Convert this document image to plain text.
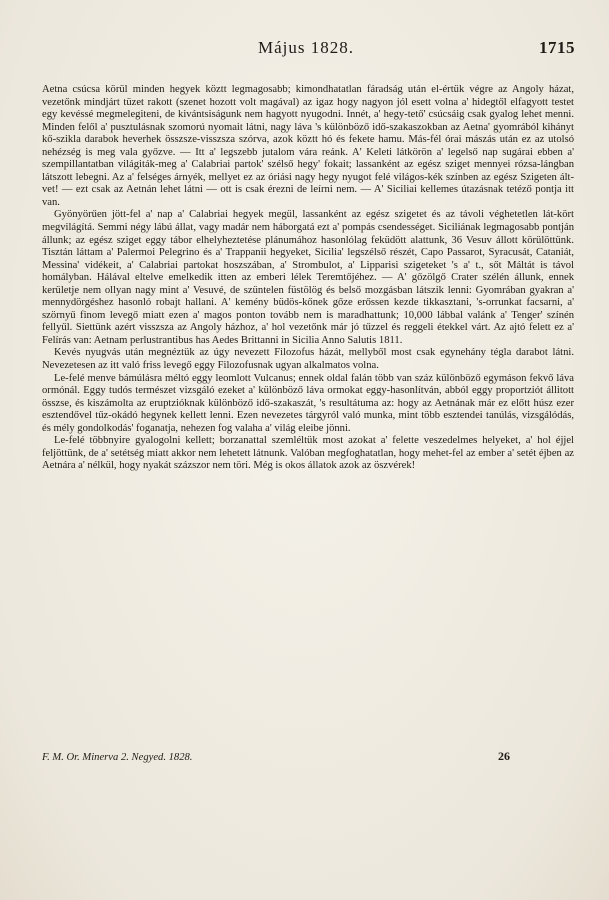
Május 1828.	1715

Aetna csúcsa körül minden hegyek köztt legmagosabb; kimondhatatlan fáradság után el-értük végre az Angoly házat, vezetőnk mindjárt tüzet rakott (szenet hozott volt magával) az igaz hogy nagyon jól esett volna a' hidegtől elfagyott testet egy kevéssé megmelegiteni, de kivántsiságunk nem hagyott nyugodni. Innét, a' hegy-tető' csúcsáig csak gyalog lehet menni. Minden felől a' pusztulásnak szomorú nyomait látni, nagy láva 's különböző idő-szakaszokban az Aetna' gyomrából kihányt kő-szikla darabok heverhek összsze-visszsza szórva, azok köztt hó és fekete hamu. Más-fél órai mászás után ez az utolsó nehézség is meg vala győzve. — Itt a' legszebb jutalom vára reánk. A' Keleti látkörön a' legelső nap sugárai ebben a' szempillantatban világiták-meg a' Calabriai partok' szélső hegy' fokait; lassanként az egész sziget mennyei rózsa-lángban látszott lebegni. Az a' felséges árnyék, mellyet ez az óriási nagy hegy nyugot felé világos-kék színben az egész Szigeten ált-vet! — ezt csak az Aetnán lehet látni — ott is csak érezni de leírni nem. — A' Siciliai kellemes útazásnak tetéző pontja itt van.

Gyönyörűen jött-fel a' nap a' Calabriai hegyek megül, lassanként az egész szigetet és az távoli véghetetlen lát-kört megvilágítá. Semmi négy lábú állat, vagy madár nem háborgatá ezt a' pompás csendességet. Siciliának legmagosabb pontján állunk; az egész sziget eggy tábor elhelyheztetése plánumához hasonlólag feküdött alattunk, 36 Vesuv állott körülöttünk. Tisztán láttam a' Palermoi Pelegrino és a' Trappanii hegyeket, Sicilia' legszélső részét, Capo Passarot, Syracusát, Cataniát, Messina' vidékeit, a' Calabriai partokat hoszszában, a' Strombulot, a' Lipparisi szigeteket 's a' t., sőt Máltát is távol homályban. Hálával eltelve emelkedik itten az emberi lélek Teremtőjéhez. — A' gőzölgő Crater szélén állunk, ennek kerületje nem ollyan nagy mint a' Vesuvé, de szüntelen füstölög és belső mozgásban látszik lenni: Gyomrában gyakran a' mennydörgéshez hasonló robajt hallani. A' kemény büdös-kőnek gőze erőssen kezde tikkasztani, 's-orrunkat facsarni, a' szörnyű finom levegő miatt ezen a' magos ponton tovább nem is maradhattunk; 10,000 lábbal valánk a' Tenger' színén fellyűl. Siettünk azért visszsza az Angoly házhoz, a' hol vezetőnk már jó tűzzel és reggeli étekkel várt. Az ajtó felett ez a' Felírás van: Aetnam perlustrantibus has Aedes Brittanni in Sicilia Anno Salutis 1811.

Kevés nyugvás után megnéztük az úgy nevezett Filozofus házát, mellyből most csak egynehány tégla darabot látni. Nevezetesen az itt való friss levegő eggy Filozofusnak ugyan alkalmatos volna.

Le-felé menve bámúlásra méltó eggy leomlott Vulcanus; ennek oldal falán több van száz különböző egymáson fekvő láva ormónál. Eggy tudós természet vizsgáló ezeket a' különböző láva ormokat eggy-hasonlítván, abból eggy proportziót állitott összse, és kiszámolta az eruptzióknak különböző idő-szakaszát, 's resultátuma az: hogy az Aetnának már ez előtt húsz ezer esztendővel tűz-okádó hegynek kellett lenni. Ezen nevezetes tárgyról való munka, mint több esztendei tanúlás, vizsgálódás, és mély gondolkodás' foganatja, nehezen fog valaha a' világ eleibe jönni.

Le-felé többnyire gyalogolni kellett; borzanattal szemléltük most azokat a' felette veszedelmes helyeket, a' hol éjjel feljöttünk, de a' setétség miatt akkor nem lehetett látnunk. Valóban megfoghatatlan, hogy mehet-fel az ember a' setét éjben az Aetnára a' nélkül, hogy nyakát százszor nem töri. Még is okos állatok azok az öszvérek!

F. M. Or. Minerva 2. Negyed. 1828.	26
